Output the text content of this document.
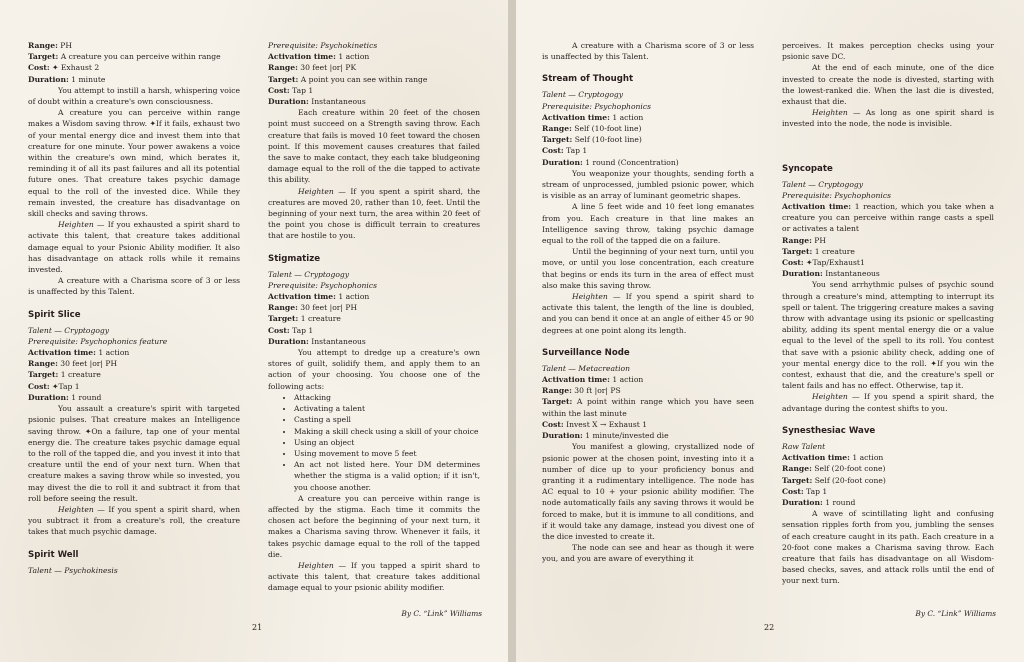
Range: PH

Target: A creature you can perceive within range

Cost: ✦ Exhaust 2

Duration: 1 minute

You attempt to instill a harsh, whispering voice of doubt within a creature's own consciousness.

A creature you can perceive within range makes a Wisdom saving throw. ✦If it fails, exhaust two of your mental energy dice and invest them into that creature for one minute. Your power awakens a voice within the creature's own mind, which berates it, reminding it of all its past failures and all its potential future ones. That creature takes psychic damage equal to the roll of the invested dice. While they remain invested, the creature has disadvantage on skill checks and saving throws.

Heighten — If you exhausted a spirit shard to activate this talent, that creature takes additional damage equal to your Psionic Ability modifier. It also has disadvantage on attack rolls while it remains invested.

A creature with a Charisma score of 3 or less is unaffected by this Talent.

Spirit Slice

Talent — Cryptogogy

Prerequisite: Psychophonics feature

Activation time: 1 action

Range: 30 feet |or| PH

Target: 1 creature

Cost: ✦Tap 1

Duration: 1 round

You assault a creature's spirit with targeted psionic pulses. That creature makes an Intelligence saving throw. ✦On a failure, tap one of your mental energy die. The creature takes psychic damage equal to the roll of the tapped die, and you invest it into that creature until the end of your next turn. When that creature makes a saving throw while so invested, you may divest the die to roll it and subtract it from that roll before seeing the result.

Heighten — If you spent a spirit shard, when you subtract it from a creature's roll, the creature takes that much psychic damage.

Spirit Well

Talent — Psychokinesis

Prerequisite: Psychokinetics

Activation time: 1 action

Range: 30 feet |or| PK

Target: A point you can see within range

Cost: Tap 1

Duration: Instantaneous

Each creature within 20 feet of the chosen point must succeed on a Strength saving throw. Each creature that fails is moved 10 feet toward the chosen point. If this movement causes creatures that failed the save to make contact, they each take bludgeoning damage equal to the roll of the die tapped to activate this ability.

Heighten — If you spent a spirit shard, the creatures are moved 20, rather than 10, feet. Until the beginning of your next turn, the area within 20 feet of the point you chose is difficult terrain to creatures that are hostile to you.

Stigmatize

Talent — Cryptogogy

Prerequisite: Psychophonics

Activation time: 1 action

Range: 30 feet |or| PH

Target: 1 creature

Cost: Tap 1

Duration: Instantaneous

You attempt to dredge up a creature's own stores of guilt, solidify them, and apply them to an action of your choosing. You choose one of the following acts:

• Attacking
• Activating a talent
• Casting a spell
• Making a skill check using a skill of your choice
• Using an object
• Using movement to move 5 feet
• An act not listed here. Your DM determines whether the stigma is a valid option; if it isn't, you choose another.

A creature you can perceive within range is affected by the stigma. Each time it commits the chosen act before the beginning of your next turn, it makes a Charisma saving throw. Whenever it fails, it takes psychic damage equal to the roll of the tapped die.

Heighten — If you tapped a spirit shard to activate this talent, that creature takes additional damage equal to your psionic ability modifier.

By C. “Link” Williams
21

A creature with a Charisma score of 3 or less is unaffected by this Talent.

Stream of Thought

Talent — Cryptogogy

Prerequisite: Psychophonics

Activation time: 1 action

Range: Self (10-foot line)

Target: Self (10-foot line)

Cost: Tap 1

Duration: 1 round (Concentration)

You weaponize your thoughts, sending forth a stream of unprocessed, jumbled psionic power, which is visible as an array of luminant geometric shapes.

A line 5 feet wide and 10 feet long emanates from you. Each creature in that line makes an Intelligence saving throw, taking psychic damage equal to the roll of the tapped die on a failure.

Until the beginning of your next turn, until you move, or until you lose concentration, each creature that begins or ends its turn in the area of effect must also make this saving throw.

Heighten — If you spend a spirit shard to activate this talent, the length of the line is doubled, and you can bend it once at an angle of either 45 or 90 degrees at one point along its length.

Surveillance Node

Talent — Metacreation

Activation time: 1 action

Range: 30 ft |or| PS

Target: A point within range which you have seen within the last minute

Cost: Invest X → Exhaust 1

Duration: 1 minute/invested die

You manifest a glowing, crystallized node of psionic power at the chosen point, investing into it a number of dice up to your proficiency bonus and granting it a rudimentary intelligence. The node has AC equal to 10 + your psionic ability modifier. The node automatically fails any saving throws it would be forced to make, but it is immune to all conditions, and if it would take any damage, instead you divest one of the dice invested to create it.

The node can see and hear as though it were you, and you are aware of everything it

perceives. It makes perception checks using your psionic save DC.

At the end of each minute, one of the dice invested to create the node is divested, starting with the lowest-ranked die. When the last die is divested, exhaust that die.

Heighten — As long as one spirit shard is invested into the node, the node is invisible.

Syncopate

Talent — Cryptogogy

Prerequisite: Psychophonics

Activation time: 1 reaction, which you take when a creature you can perceive within range casts a spell or activates a talent

Range: PH

Target: 1 creature

Cost: ✦Tap/Exhaust1

Duration: Instantaneous

You send arrhythmic pulses of psychic sound through a creature's mind, attempting to interrupt its spell or talent. The triggering creature makes a saving throw with advantage using its psionic or spellcasting ability, adding its spent mental energy die or a value equal to the level of the spell to its roll. You contest that save with a psionic ability check, adding one of your mental energy dice to the roll. ✦If you win the contest, exhaust that die, and the creature's spell or talent fails and has no effect. Otherwise, tap it.

Heighten — If you spend a spirit shard, the advantage during the contest shifts to you.

Synesthesiac Wave

Raw Talent

Activation time: 1 action

Range: Self (20-foot cone)

Target: Self (20-foot cone)

Cost: Tap 1

Duration: 1 round

A wave of scintillating light and confusing sensation ripples forth from you, jumbling the senses of each creature caught in its path. Each creature in a 20-foot cone makes a Charisma saving throw. Each creature that fails has disadvantage on all Wisdom-based checks, saves, and attack rolls until the end of your next turn.

By C. “Link” Williams
22
